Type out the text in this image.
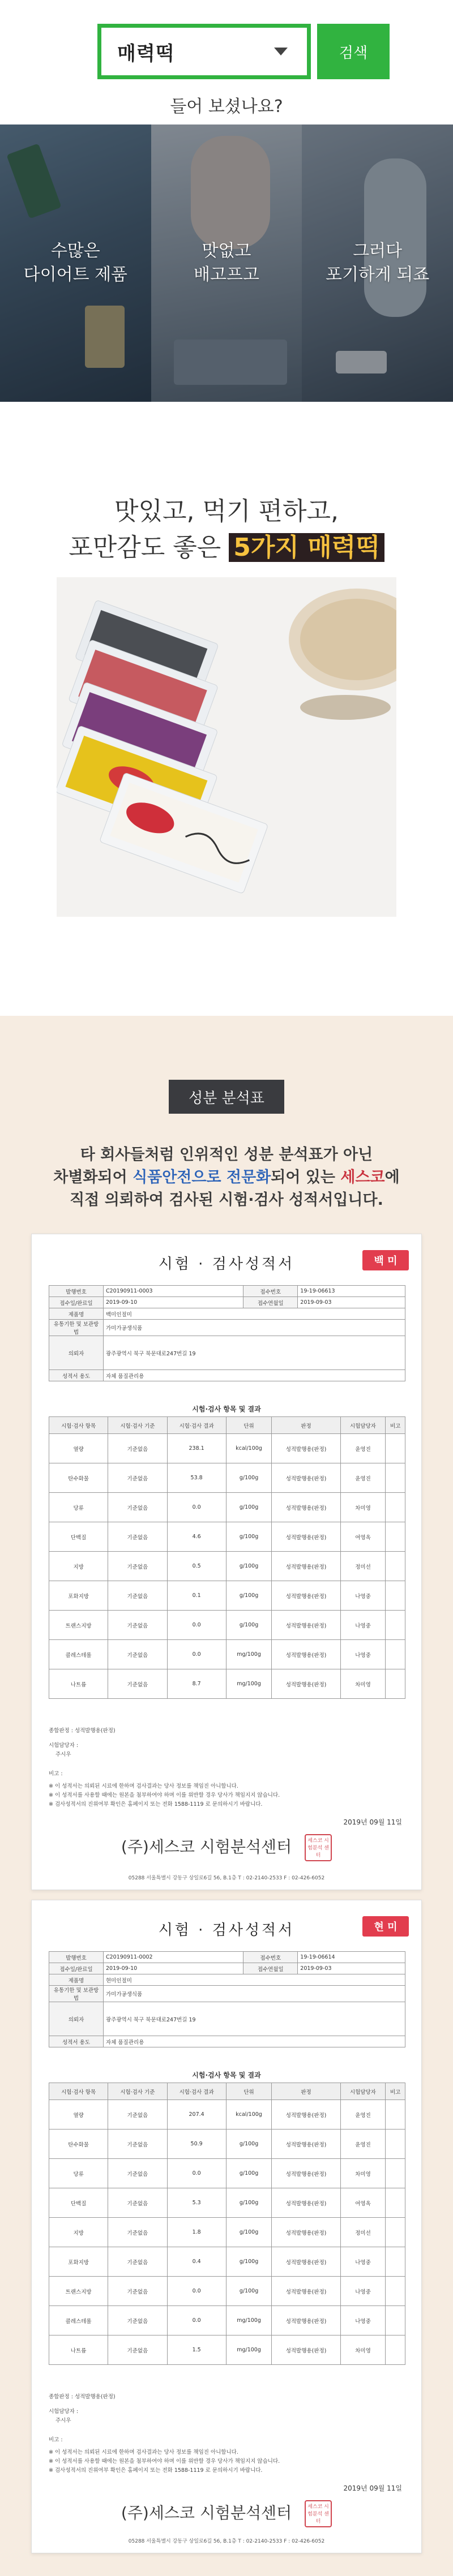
매력떡	검색
들어 보셨나요?
수많은
다이어트 제품
맛없고
배고프고
그러다
포기하게 되죠
맛있고, 먹기 편하고,
포만감도 좋은 5가지 매력떡
성분 분석표
타 회사들처럼 인위적인 성분 분석표가 아닌
차별화되어 식품안전으로 전문화되어 있는 세스코에
직접 의뢰하여 검사된 시험·검사 성적서입니다.
시험 · 검사성적서	백 미
발행번호	C20190911-0003	접수번호	19-19-06613
접수일/완료일	2019-09-10	접수연월일	2019-09-03
제품명	백미인절미		
유통기한 및 보관방법	가미가공생식품		
의뢰자	광주광역시 북구 북문대로247번길 19		
성적서 용도	자체 품질관리용		
시험·검사 항목 및 결과
시험·검사 항목	시험·검사 기준	시험·검사 결과	단위	판정	시험담당자	비고
열량	기준없음	238.1	kcal/100g	성적발행용(판정)	윤영진	
탄수화물	기준없음	53.8	g/100g	성적발행용(판정)	윤영진	
당류	기준없음	0.0	g/100g	성적발행용(판정)	차미영	
단백질	기준없음	4.6	g/100g	성적발행용(판정)	여영옥	
지방	기준없음	0.5	g/100g	성적발행용(판정)	정미선	
포화지방	기준없음	0.1	g/100g	성적발행용(판정)	나영중	
트랜스지방	기준없음	0.0	g/100g	성적발행용(판정)	나영중	
콜레스테롤	기준없음	0.0	mg/100g	성적발행용(판정)	나영중	
나트륨	기준없음	8.7	mg/100g	성적발행용(판정)	차미영	
종합판정 : 성적발행용(판정)
시험담당자 :
주시우
비고 :
※ 이 성적서는 의뢰된 시료에 한하며 검사결과는 당사 정보를 책임진 아니합니다.
※ 이 성적서를 사용할 때에는 원본을 첨부하여야 하며 이를 위반할 경우 당사가 책임지지 않습니다.
※ 검사성적서의 진위여부 확인은 홈페이지 또는 전화 1588-1119 로 문의하시기 바랍니다.
2019년 09월 11일
(주)세스코 시험분석센터	세스코 시험분석 센터
05288 서울특별시 강동구 상일로6길 56, B.1층 T : 02-2140-2533 F : 02-426-6052
시험 · 검사성적서	현 미
발행번호	C20190911-0002	접수번호	19-19-06614
접수일/완료일	2019-09-10	접수연월일	2019-09-03
제품명	현미인절미		
유통기한 및 보관방법	가미가공생식품		
의뢰자	광주광역시 북구 북문대로247번길 19		
성적서 용도	자체 품질관리용		
시험·검사 항목 및 결과
시험·검사 항목	시험·검사 기준	시험·검사 결과	단위	판정	시험담당자	비고
열량	기준없음	207.4	kcal/100g	성적발행용(판정)	윤영진	
탄수화물	기준없음	50.9	g/100g	성적발행용(판정)	윤영진	
당류	기준없음	0.0	g/100g	성적발행용(판정)	차미영	
단백질	기준없음	5.3	g/100g	성적발행용(판정)	여영옥	
지방	기준없음	1.8	g/100g	성적발행용(판정)	정미선	
포화지방	기준없음	0.4	g/100g	성적발행용(판정)	나영중	
트랜스지방	기준없음	0.0	g/100g	성적발행용(판정)	나영중	
콜레스테롤	기준없음	0.0	mg/100g	성적발행용(판정)	나영중	
나트륨	기준없음	1.5	mg/100g	성적발행용(판정)	차미영	
종합판정 : 성적발행용(판정)
시험담당자 :
주시우
비고 :
※ 이 성적서는 의뢰된 시료에 한하며 검사결과는 당사 정보를 책임진 아니합니다.
※ 이 성적서를 사용할 때에는 원본을 첨부하여야 하며 이를 위반할 경우 당사가 책임지지 않습니다.
※ 검사성적서의 진위여부 확인은 홈페이지 또는 전화 1588-1119 로 문의하시기 바랍니다.
2019년 09월 11일
(주)세스코 시험분석센터	세스코 시험분석 센터
05288 서울특별시 강동구 상일로6길 56, B.1층 T : 02-2140-2533 F : 02-426-6052
